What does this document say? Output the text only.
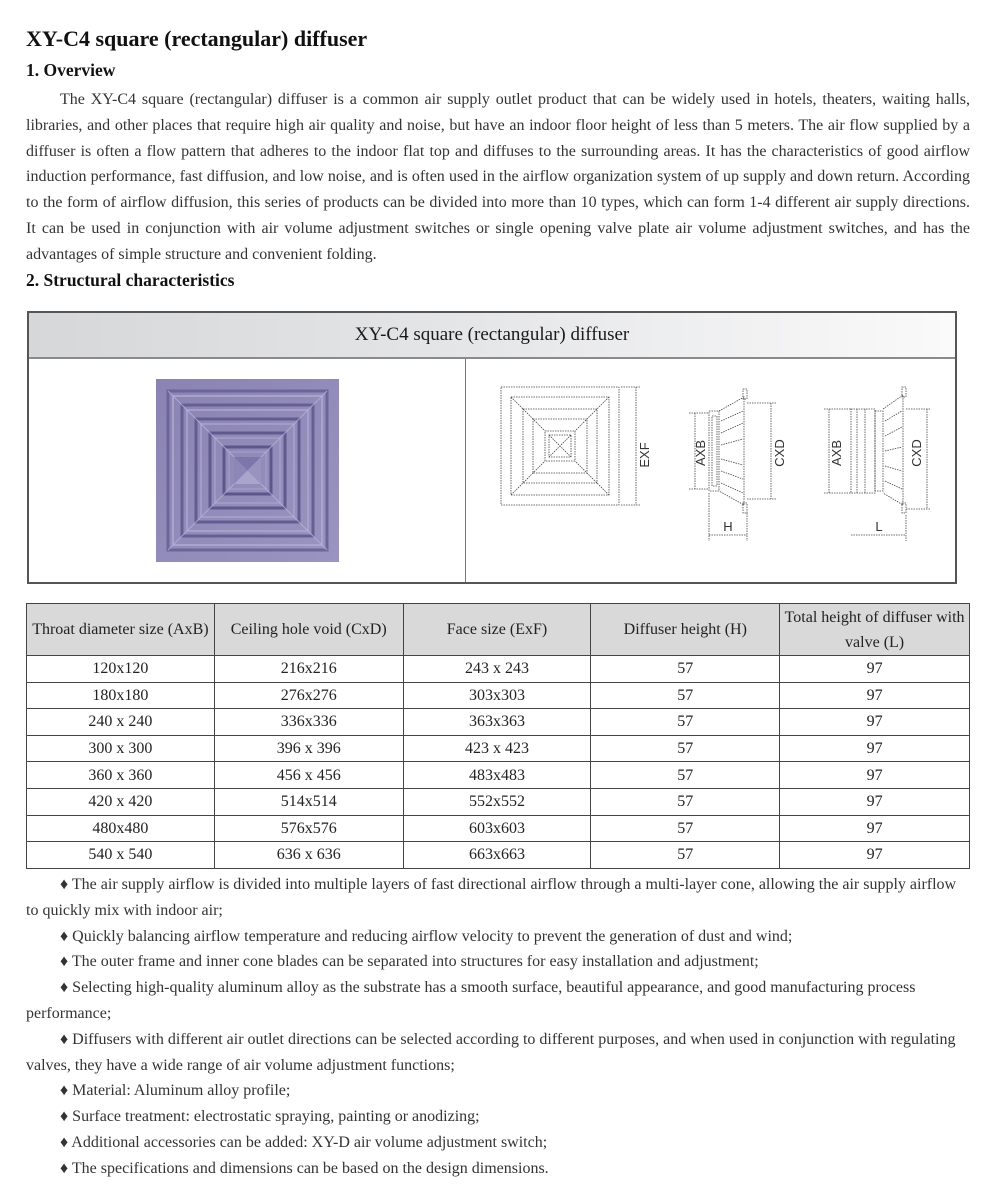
XY-C4 square (rectangular) diffuser
1. Overview

The XY-C4 square (rectangular) diffuser is a common air supply outlet product that can be widely used in hotels, theaters, waiting halls, libraries, and other places that require high air quality and noise, but have an indoor floor height of less than 5 meters. The air flow supplied by a diffuser is often a flow pattern that adheres to the indoor flat top and diffuses to the surrounding areas. It has the characteristics of good airflow induction performance, fast diffusion, and low noise, and is often used in the airflow organization system of up supply and down return. According to the form of airflow diffusion, this series of products can be divided into more than 10 types, which can form 1-4 different air supply directions. It can be used in conjunction with air volume adjustment switches or single opening valve plate air volume adjustment switches, and has the advantages of simple structure and convenient folding.

2. Structural characteristics
XY-C4 square (rectangular) diffuser
EXF	AXB	CXD
H
AXB	CXD
L
Throat diameter size (AxB)	Ceiling hole void (CxD)	Face size (ExF)	Diffuser height (H)	Total height of diffuser with valve (L)
120x120	216x216	243 x 243	57	97
180x180	276x276	303x303	57	97
240 x 240	336x336	363x363	57	97
300 x 300	396 x 396	423 x 423	57	97
360 x 360	456 x 456	483x483	57	97
420 x 420	514x514	552x552	57	97
480x480	576x576	603x603	57	97
540 x 540	636 x 636	663x663	57	97

♦ The air supply airflow is divided into multiple layers of fast directional airflow through a multi-layer cone, allowing the air supply airflow to quickly mix with indoor air;

♦ Quickly balancing airflow temperature and reducing airflow velocity to prevent the generation of dust and wind;

♦ The outer frame and inner cone blades can be separated into structures for easy installation and adjustment;

♦ Selecting high-quality aluminum alloy as the substrate has a smooth surface, beautiful appearance, and good manufacturing process performance;

♦ Diffusers with different air outlet directions can be selected according to different purposes, and when used in conjunction with regulating valves, they have a wide range of air volume adjustment functions;

♦ Material: Aluminum alloy profile;

♦ Surface treatment: electrostatic spraying, painting or anodizing;

♦ Additional accessories can be added: XY-D air volume adjustment switch;

♦ The specifications and dimensions can be based on the design dimensions.
